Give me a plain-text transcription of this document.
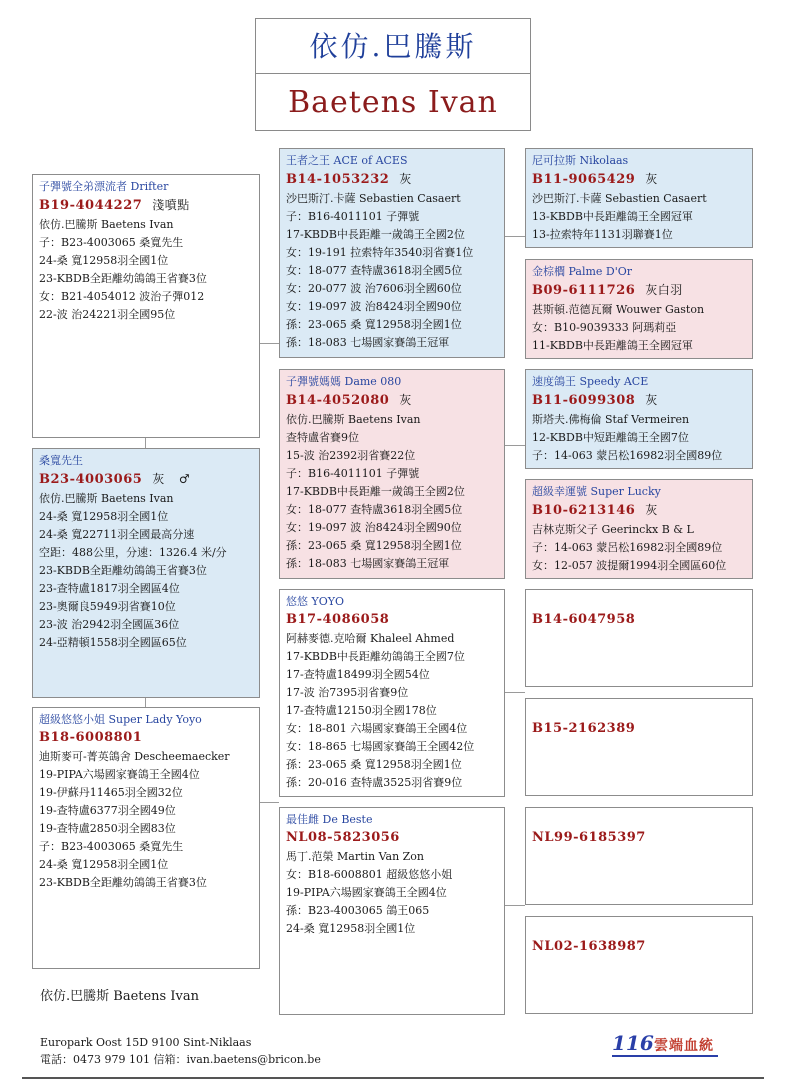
依仿.巴騰斯
Baetens Ivan
子彈號全弟漂流者 Drifter
B19-4044227 淺噴點
依仿.巴騰斯 Baetens Ivan
子：B23-4003065 桑寬先生
24-桑 寬12958羽全國1位
23-KBDB全距離幼鴿鴿王省賽3位
女：B21-4054012 波治子彈012
22-波 治24221羽全國95位
桑寬先生
B23-4003065 灰 ♂
依仿.巴騰斯 Baetens Ivan
24-桑 寬12958羽全國1位
24-桑 寬22711羽全國最高分速
空距：488公里，分速：1326.4 米/分
23-KBDB全距離幼鴿鴿王省賽3位
23-查特盧1817羽全國區4位
23-奧爾良5949羽省賽10位
23-波 治2942羽全國區36位
24-亞精頓1558羽全國區65位
超級悠悠小姐 Super Lady Yoyo
B18-6008801
迪斯麥可-菁英鴿舍 Descheemaecker
19-PIPA六場國家賽鴿王全國4位
19-伊蘇丹11465羽全國32位
19-查特盧6377羽全國49位
19-查特盧2850羽全國83位
子：B23-4003065 桑寬先生
24-桑 寬12958羽全國1位
23-KBDB全距離幼鴿鴿王省賽3位
王者之王 ACE of ACES
B14-1053232 灰
沙巴斯汀.卡薩 Sebastien Casaert
子：B16-4011101 子彈號
17-KBDB中長距離一歲鴿王全國2位
女：19-191 拉索特年3540羽省賽1位
女：18-077 查特盧3618羽全國5位
女：20-077 波 治7606羽全國60位
女：19-097 波 治8424羽全國90位
孫：23-065 桑 寬12958羽全國1位
孫：18-083 七場國家賽鴿王冠軍
子彈號媽媽 Dame 080
B14-4052080 灰
依仿.巴騰斯 Baetens Ivan
查特盧省賽9位
15-波 治2392羽省賽22位
子：B16-4011101 子彈號
17-KBDB中長距離一歲鴿王全國2位
女：18-077 查特盧3618羽全國5位
女：19-097 波 治8424羽全國90位
孫：23-065 桑 寬12958羽全國1位
孫：18-083 七場國家賽鴿王冠軍
悠悠 YOYO
B17-4086058
阿赫麥德.克哈爾 Khaleel Ahmed
17-KBDB中長距離幼鴿鴿王全國7位
17-查特盧18499羽全國54位
17-波 治7395羽省賽9位
17-查特盧12150羽全國178位
女：18-801 六場國家賽鴿王全國4位
女：18-865 七場國家賽鴿王全國42位
孫：23-065 桑 寬12958羽全國1位
孫：20-016 查特盧3525羽省賽9位
最佳雌 De Beste
NL08-5823056
馬丁.范榮 Martin Van Zon
女：B18-6008801 超級悠悠小姐
19-PIPA六場國家賽鴿王全國4位
孫：B23-4003065 鴿王065
24-桑 寬12958羽全國1位
尼可拉斯 Nikolaas
B11-9065429 灰
沙巴斯汀.卡薩 Sebastien Casaert
13-KBDB中長距離鴿王全國冠軍
13-拉索特年1131羽聯賽1位
金棕櫚 Palme D'Or
B09-6111726 灰白羽
甚斯頓.范德瓦爾 Wouwer Gaston
女：B10-9039333 阿瑪莉亞
11-KBDB中長距離鴿王全國冠軍
速度鴿王 Speedy ACE
B11-6099308 灰
斯塔夫.佛梅倫 Staf Vermeiren
12-KBDB中短距離鴿王全國7位
子：14-063 蒙呂松16982羽全國89位
超級幸運號 Super Lucky
B10-6213146 灰
吉林克斯父子 Geerinckx B & L
子：14-063 蒙呂松16982羽全國89位
女：12-057 波提爾1994羽全國區60位
B14-6047958
B15-2162389
NL99-6185397
NL02-1638987
依仿.巴騰斯 Baetens Ivan
Europark Oost 15D 9100 Sint-Niklaas
電話：0473 979 101 信箱：ivan.baetens@bricon.be
116 雲端血統
